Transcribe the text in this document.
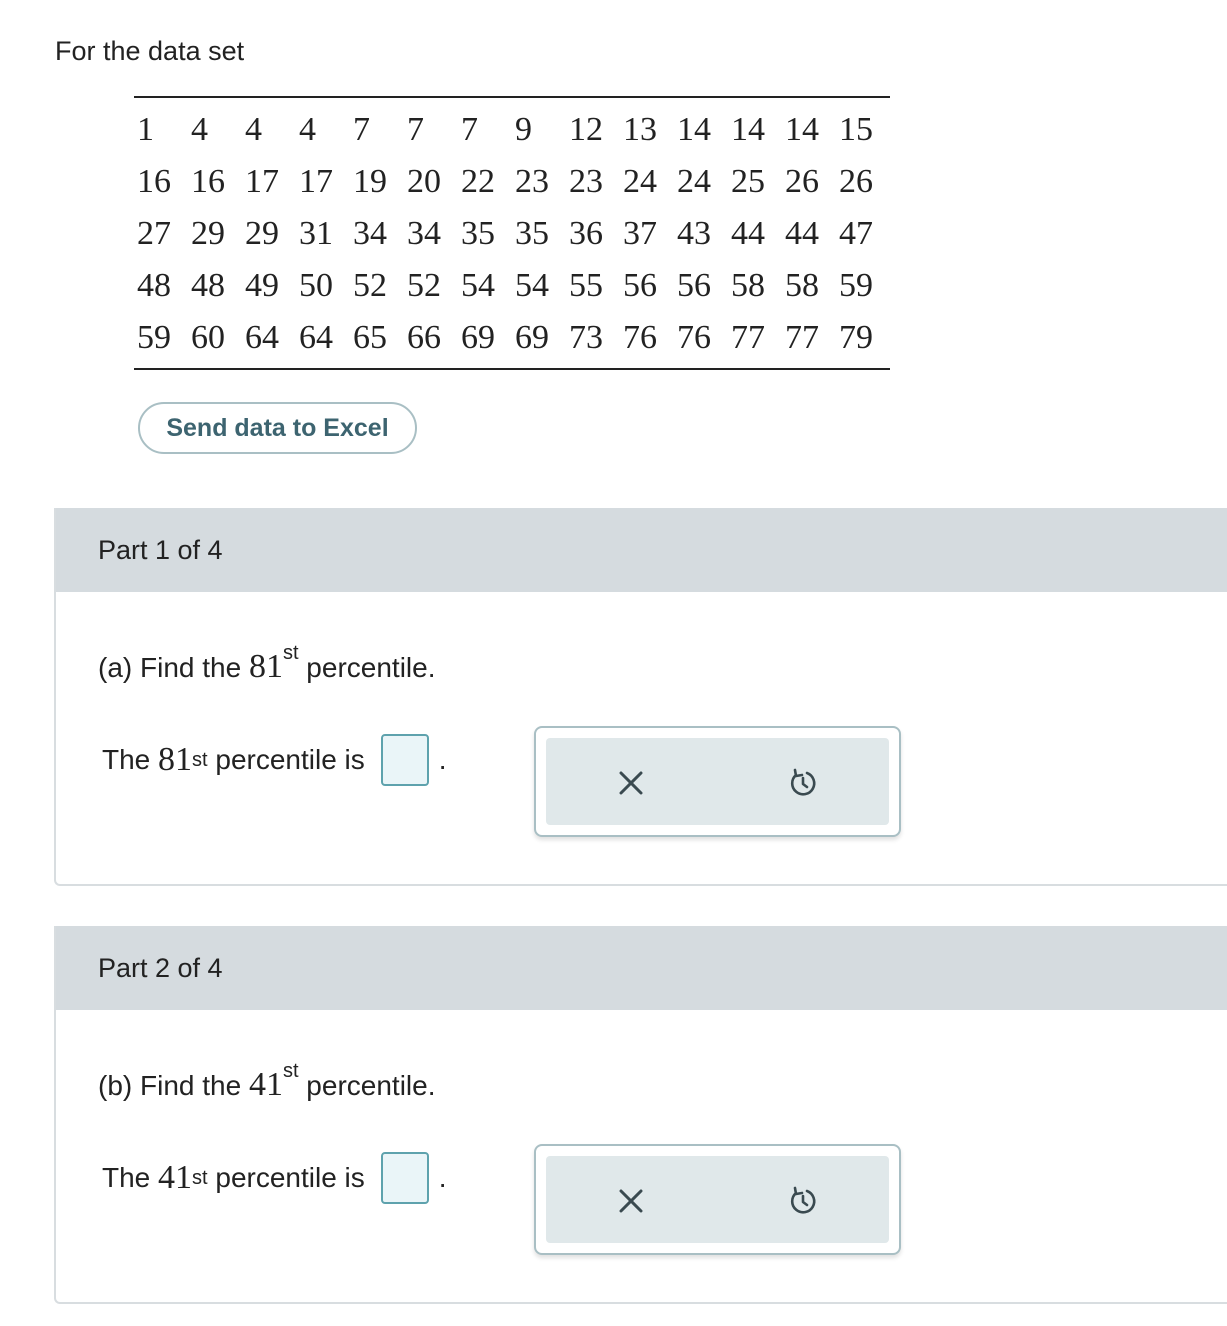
For the data set
1	4	4	4	7	7	7	9	12 13 14 14 14 15
16 16 17 17 19 20 22 23 23 24 24 25 26 26
27 29 29 31 34 34 35 35 36 37 43 44 44 47
48 48 49 50 52 52 54 54 55 56 56 58 58 59
59 60 64 64 65 66 69 69 73 76 76 77 77 79
Send data to Excel
Part 1 of 4
(a) Find the 81st percentile.
The
81 st
percentile is	.
Part 2 of 4
(b) Find the 41st percentile.
The
41 st
percentile is	.
